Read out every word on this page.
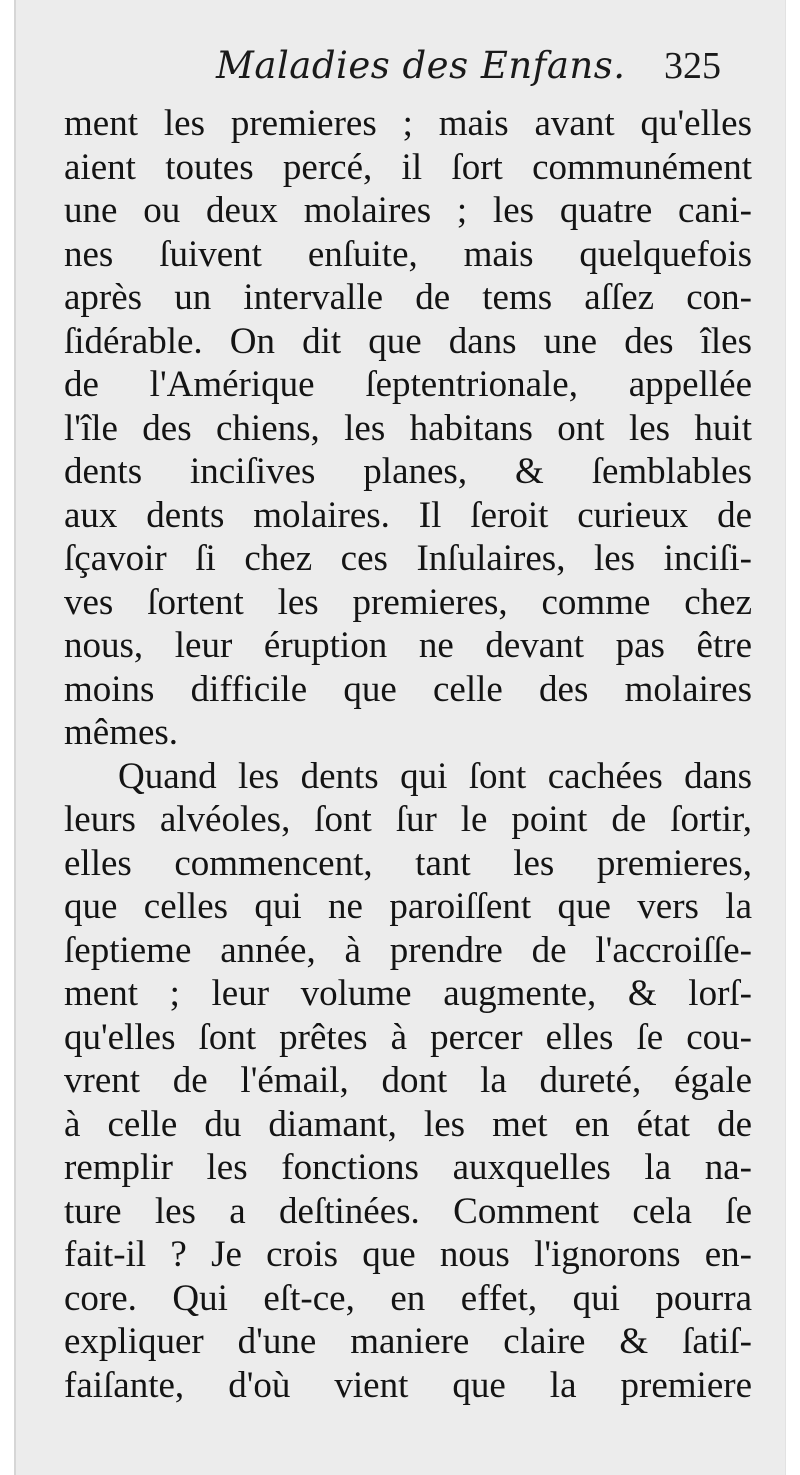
Maladies des Enfans. 325
ment les premieres ; mais avant qu'elles
aient toutes percé, il ſort communément
une ou deux molaires ; les quatre cani-
nes ſuivent enſuite, mais quelquefois
après un intervalle de tems aſſez con-
ſidérable. On dit que dans une des îles
de l'Amérique ſeptentrionale, appellée
l'île des chiens, les habitans ont les huit
dents inciſives planes, & ſemblables
aux dents molaires. Il ſeroit curieux de
ſçavoir ſi chez ces Inſulaires, les inciſi-
ves ſortent les premieres, comme chez
nous, leur éruption ne devant pas être
moins difficile que celle des molaires
mêmes.
Quand les dents qui ſont cachées dans
leurs alvéoles, ſont ſur le point de ſortir,
elles commencent, tant les premieres,
que celles qui ne paroiſſent que vers la
ſeptieme année, à prendre de l'accroiſſe-
ment ; leur volume augmente, & lorſ-
qu'elles ſont prêtes à percer elles ſe cou-
vrent de l'émail, dont la dureté, égale
à celle du diamant, les met en état de
remplir les fonctions auxquelles la na-
ture les a deſtinées. Comment cela ſe
fait-il ? Je crois que nous l'ignorons en-
core. Qui eſt-ce, en effet, qui pourra
expliquer d'une maniere claire & ſatiſ-
faiſante, d'où vient que la premiere
